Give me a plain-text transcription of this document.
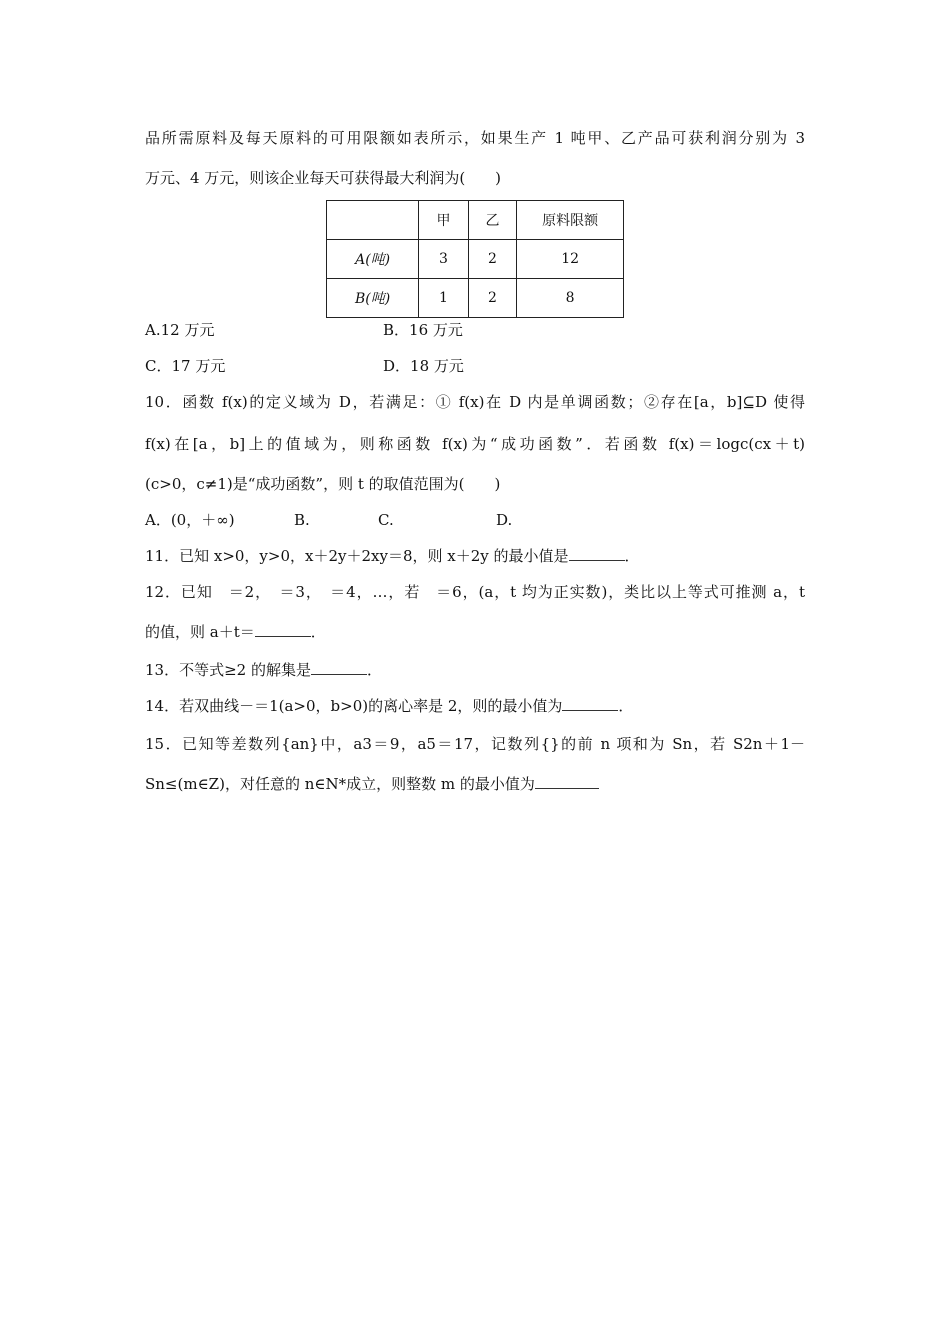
品所需原料及每天原料的可用限额如表所示，如果生产 1 吨甲、乙产品可获利润分别为 3
万元、4 万元，则该企业每天可获得最大利润为(　　)
	甲	乙	原料限额
A(吨)	3	2	12
B(吨)	1	2	8
A.12 万元	B．16 万元
C．17 万元	D．18 万元
10．函数 f(x)的定义域为 D，若满足：① f(x)在 D 内是单调函数；②存在[a，b]⊆D 使得
f(x)在[a，b]上的值域为，则称函数 f(x)为“成功函数”．若函数 f(x)＝logc(cx＋t)
(c>0，c≠1)是“成功函数”，则 t 的取值范围为(　　)
A．(0，＋∞)	B.	C.	D.
11．已知 x>0，y>0，x＋2y＋2xy＝8，则 x＋2y 的最小值是	．
12．已知　＝2，　＝3，　＝4，…，若　＝6，(a，t 均为正实数)，类比以上等式可推测 a，t
的值，则 a＋t＝	．
13．不等式≥2 的解集是	．
14．若双曲线－＝1(a>0，b>0)的离心率是 2，则的最小值为	．
15．已知等差数列{an}中，a3＝9，a5＝17，记数列{}的前 n 项和为 Sn，若 S2n＋1－
Sn≤(m∈Z)，对任意的 n∈N*成立，则整数 m 的最小值为
